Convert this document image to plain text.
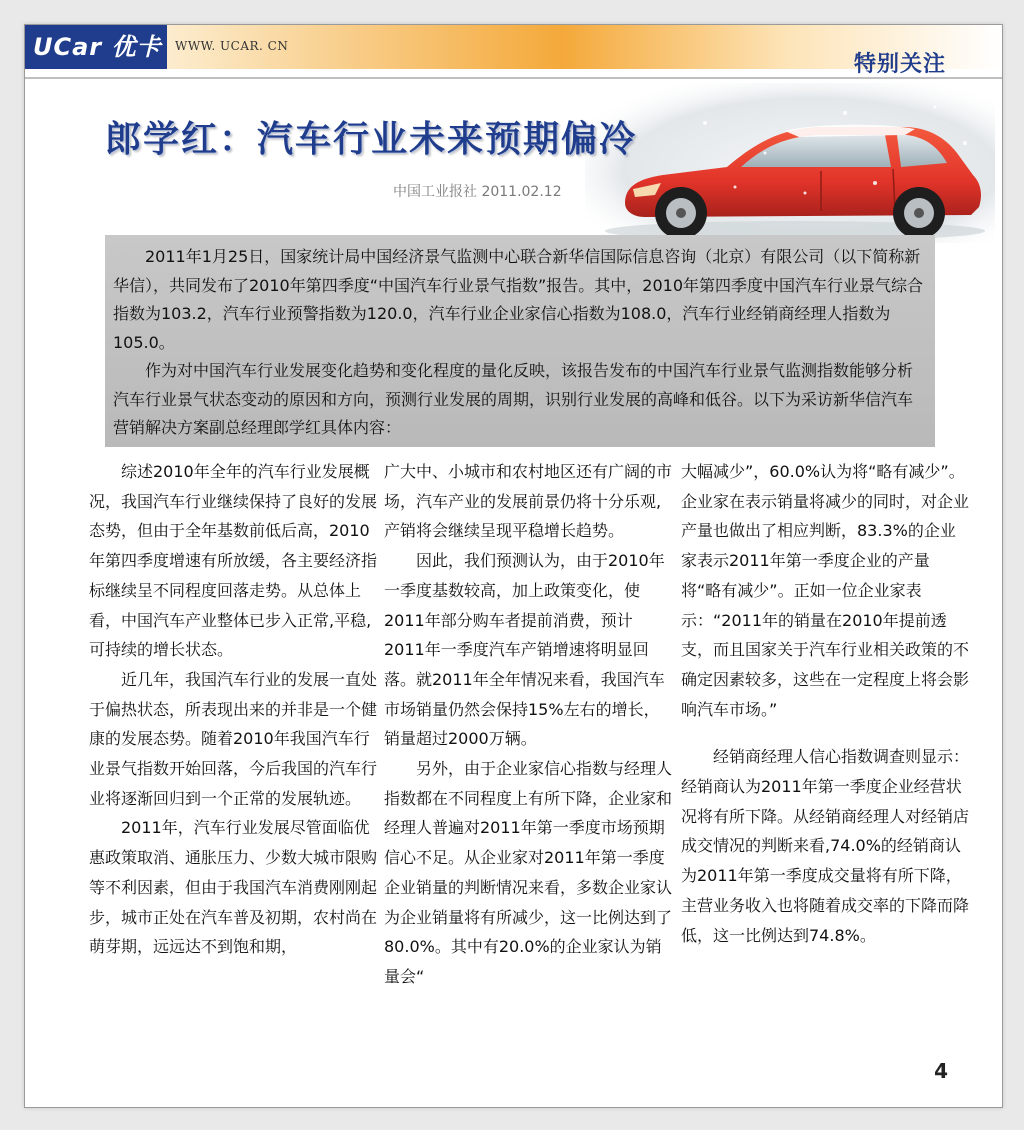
UCar 优卡	WWW. UCAR. CN
特别关注
郎学红：汽车行业未来预期偏冷
中国工业报社 2011.02.12

2011年1月25日，国家统计局中国经济景气监测中心联合新华信国际信息咨询（北京）有限公司（以下简称新华信），共同发布了2010年第四季度“中国汽车行业景气指数”报告。其中，2010年第四季度中国汽车行业景气综合指数为103.2，汽车行业预警指数为120.0，汽车行业企业家信心指数为108.0，汽车行业经销商经理人指数为105.0。

作为对中国汽车行业发展变化趋势和变化程度的量化反映，该报告发布的中国汽车行业景气监测指数能够分析汽车行业景气状态变动的原因和方向，预测行业发展的周期，识别行业发展的高峰和低谷。以下为采访新华信汽车营销解决方案副总经理郎学红具体内容：

综述2010年全年的汽车行业发展概况，我国汽车行业继续保持了良好的发展态势，但由于全年基数前低后高，2010年第四季度增速有所放缓，各主要经济指标继续呈不同程度回落走势。从总体上看，中国汽车产业整体已步入正常,平稳,可持续的增长状态。

近几年，我国汽车行业的发展一直处于偏热状态，所表现出来的并非是一个健康的发展态势。随着2010年我国汽车行业景气指数开始回落，今后我国的汽车行业将逐渐回归到一个正常的发展轨迹。

2011年，汽车行业发展尽管面临优惠政策取消、通胀压力、少数大城市限购等不利因素，但由于我国汽车消费刚刚起步，城市正处在汽车普及初期，农村尚在萌芽期，远远达不到饱和期，

广大中、小城市和农村地区还有广阔的市场，汽车产业的发展前景仍将十分乐观,产销将会继续呈现平稳增长趋势。

因此，我们预测认为，由于2010年一季度基数较高，加上政策变化，使2011年部分购车者提前消费，预计2011年一季度汽车产销增速将明显回落。就2011年全年情况来看，我国汽车市场销量仍然会保持15%左右的增长，销量超过2000万辆。

另外，由于企业家信心指数与经理人指数都在不同程度上有所下降，企业家和经理人普遍对2011年第一季度市场预期信心不足。从企业家对2011年第一季度企业销量的判断情况来看，多数企业家认为企业销量将有所减少，这一比例达到了80.0%。其中有20.0%的企业家认为销量会“

大幅减少”，60.0%认为将“略有减少”。企业家在表示销量将减少的同时，对企业产量也做出了相应判断，83.3%的企业家表示2011年第一季度企业的产量将“略有减少”。正如一位企业家表示：“2011年的销量在2010年提前透支，而且国家关于汽车行业相关政策的不确定因素较多，这些在一定程度上将会影响汽车市场。”

经销商经理人信心指数调查则显示：经销商认为2011年第一季度企业经营状况将有所下降。从经销商经理人对经销店成交情况的判断来看,74.0%的经销商认为2011年第一季度成交量将有所下降，主营业务收入也将随着成交率的下降而降低，这一比例达到74.8%。

4
